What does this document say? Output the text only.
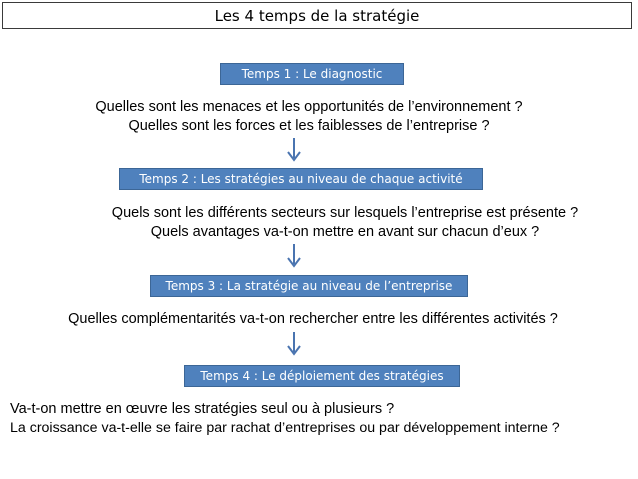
Les 4 temps de la stratégie
Temps 1 : Le diagnostic
Quelles sont les menaces et les opportunités de l’environnement ?
Quelles sont les forces et les faiblesses de l’entreprise ?
Temps 2 : Les stratégies au niveau de chaque activité
Quels sont les différents secteurs sur lesquels l’entreprise est présente ?
Quels avantages va-t-on mettre en avant sur chacun d’eux ?
Temps 3 : La stratégie au niveau de l’entreprise
Quelles complémentarités va-t-on rechercher entre les différentes activités ?
Temps 4 : Le déploiement des stratégies
Va-t-on mettre en œuvre les stratégies seul ou à plusieurs ?
La croissance va-t-elle se faire par rachat d’entreprises ou par développement interne ?
